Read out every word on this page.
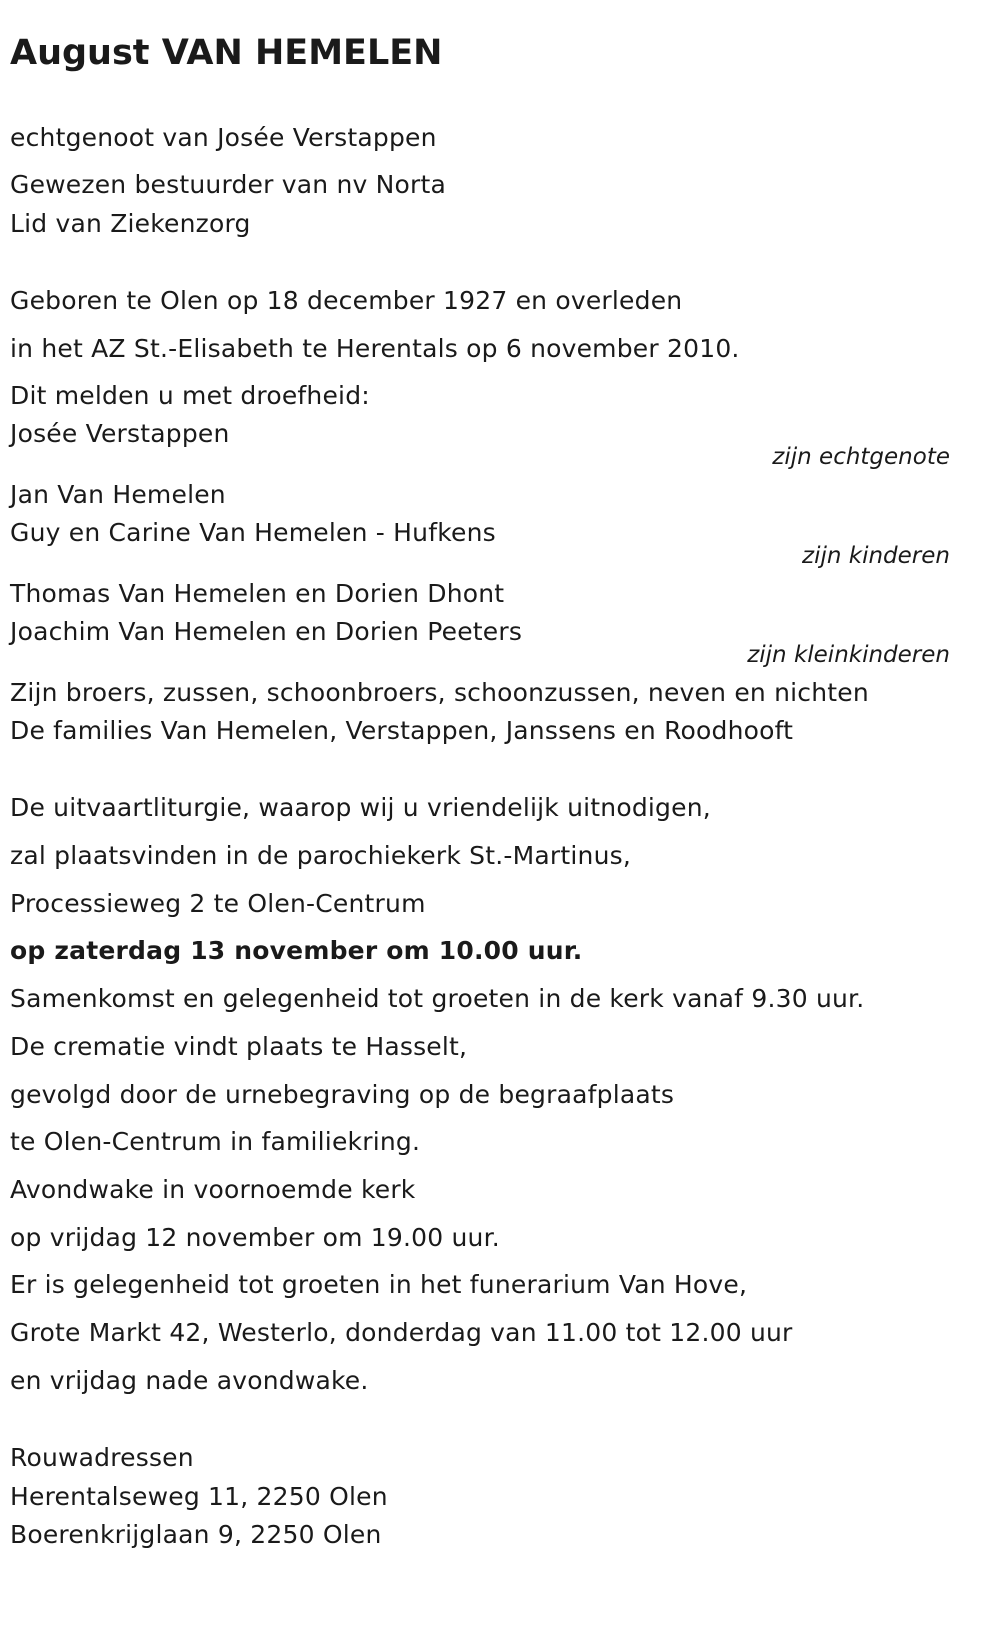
August VAN HEMELEN
echtgenoot van Josée Verstappen
Gewezen bestuurder van nv Norta
Lid van Ziekenzorg
Geboren te Olen op 18 december 1927 en overleden
in het AZ St.-Elisabeth te Herentals op 6 november 2010.
Dit melden u met droefheid:
Josée Verstappen
zijn echtgenote
Jan Van Hemelen
Guy en Carine Van Hemelen - Hufkens
zijn kinderen
Thomas Van Hemelen en Dorien Dhont
Joachim Van Hemelen en Dorien Peeters
zijn kleinkinderen
Zijn broers, zussen, schoonbroers, schoonzussen, neven en nichten
De families Van Hemelen, Verstappen, Janssens en Roodhooft
De uitvaartliturgie, waarop wij u vriendelijk uitnodigen,
zal plaatsvinden in de parochiekerk St.-Martinus,
Processieweg 2 te Olen-Centrum
op zaterdag 13 november om 10.00 uur.
Samenkomst en gelegenheid tot groeten in de kerk vanaf 9.30 uur.
De crematie vindt plaats te Hasselt,
gevolgd door de urnebegraving op de begraafplaats
te Olen-Centrum in familiekring.
Avondwake in voornoemde kerk
op vrijdag 12 november om 19.00 uur.
Er is gelegenheid tot groeten in het funerarium Van Hove,
Grote Markt 42, Westerlo, donderdag van 11.00 tot 12.00 uur
en vrijdag nade avondwake.
Rouwadressen
Herentalseweg 11, 2250 Olen
Boerenkrijglaan 9, 2250 Olen
